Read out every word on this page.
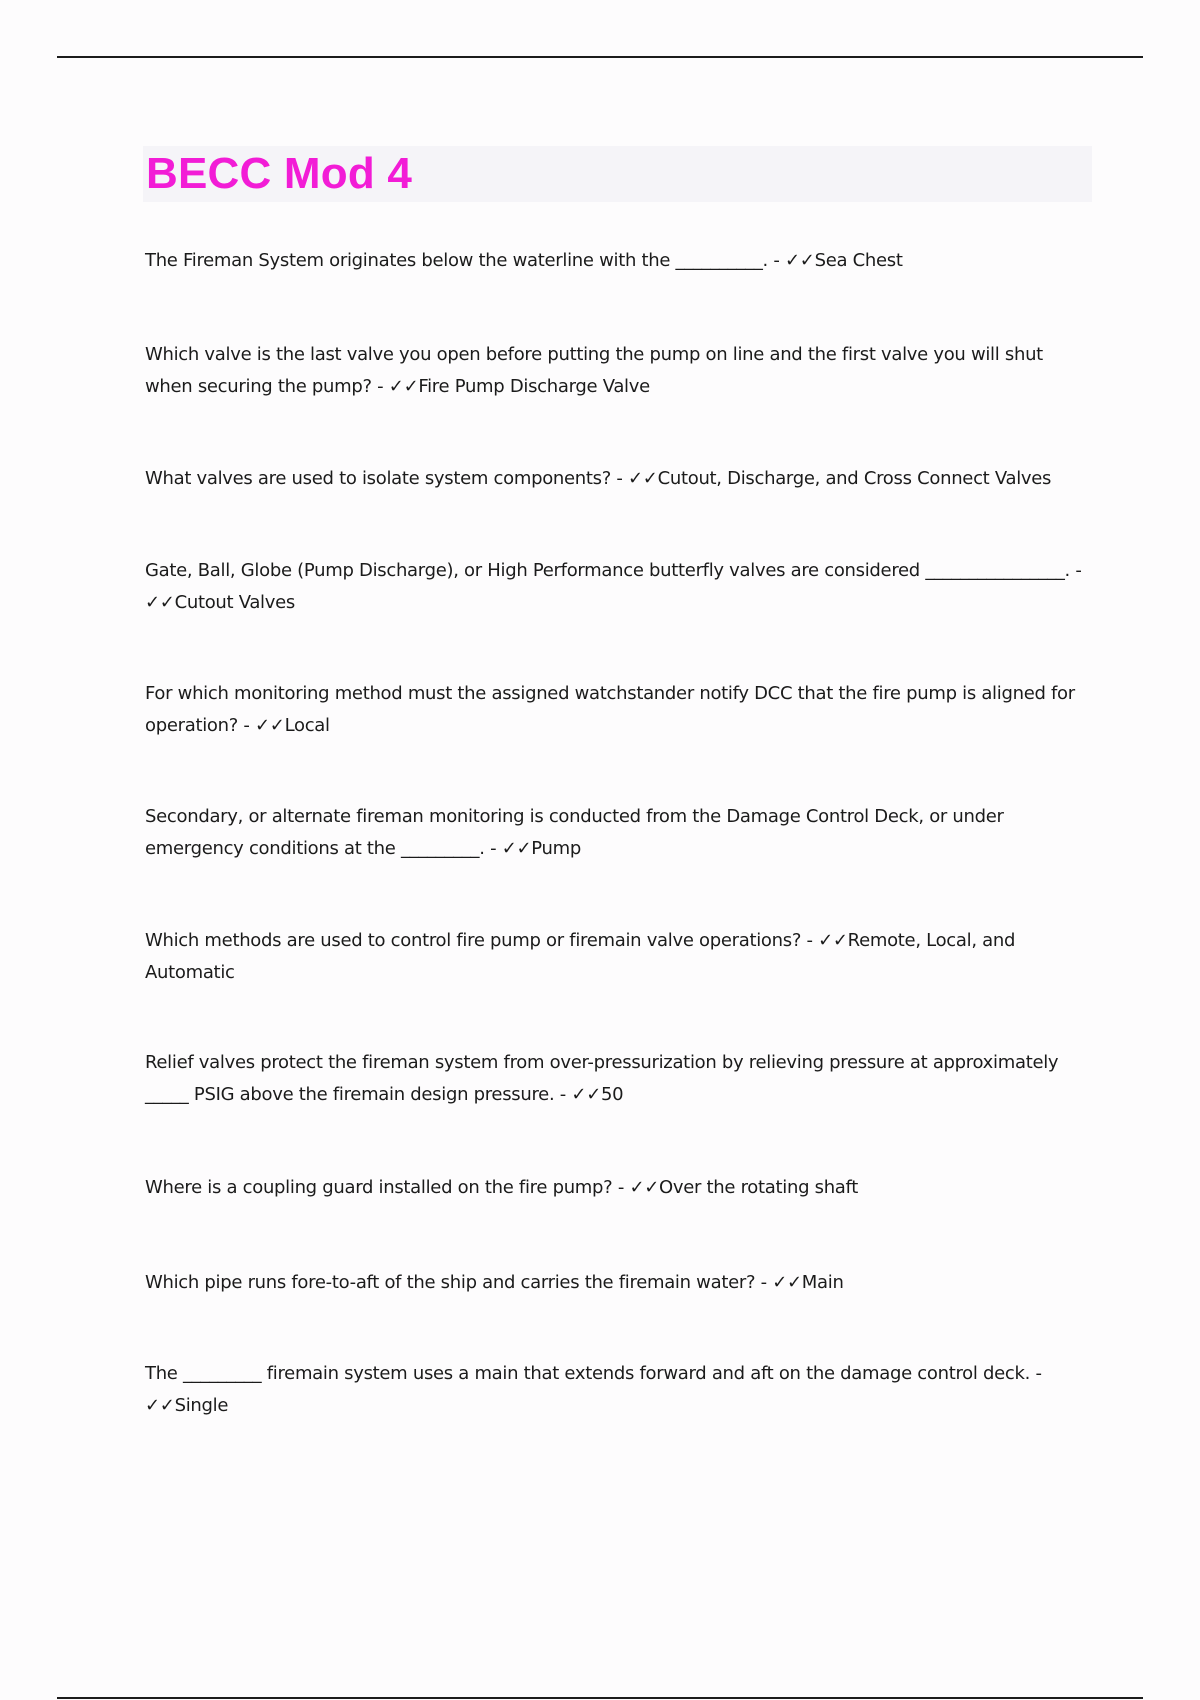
BECC Mod 4

The Fireman System originates below the waterline with the __________. - ✓✓Sea Chest

Which valve is the last valve you open before putting the pump on line and the first valve you will shut when securing the pump? - ✓✓Fire Pump Discharge Valve

What valves are used to isolate system components? - ✓✓Cutout, Discharge, and Cross Connect Valves

Gate, Ball, Globe (Pump Discharge), or High Performance butterfly valves are considered ________________. - ✓✓Cutout Valves

For which monitoring method must the assigned watchstander notify DCC that the fire pump is aligned for operation? - ✓✓Local

Secondary, or alternate fireman monitoring is conducted from the Damage Control Deck, or under emergency conditions at the _________. - ✓✓Pump

Which methods are used to control fire pump or firemain valve operations? - ✓✓Remote, Local, and Automatic

Relief valves protect the fireman system from over-pressurization by relieving pressure at approximately _____ PSIG above the firemain design pressure. - ✓✓50

Where is a coupling guard installed on the fire pump? - ✓✓Over the rotating shaft

Which pipe runs fore-to-aft of the ship and carries the firemain water? - ✓✓Main

The _________ firemain system uses a main that extends forward and aft on the damage control deck. - ✓✓Single
